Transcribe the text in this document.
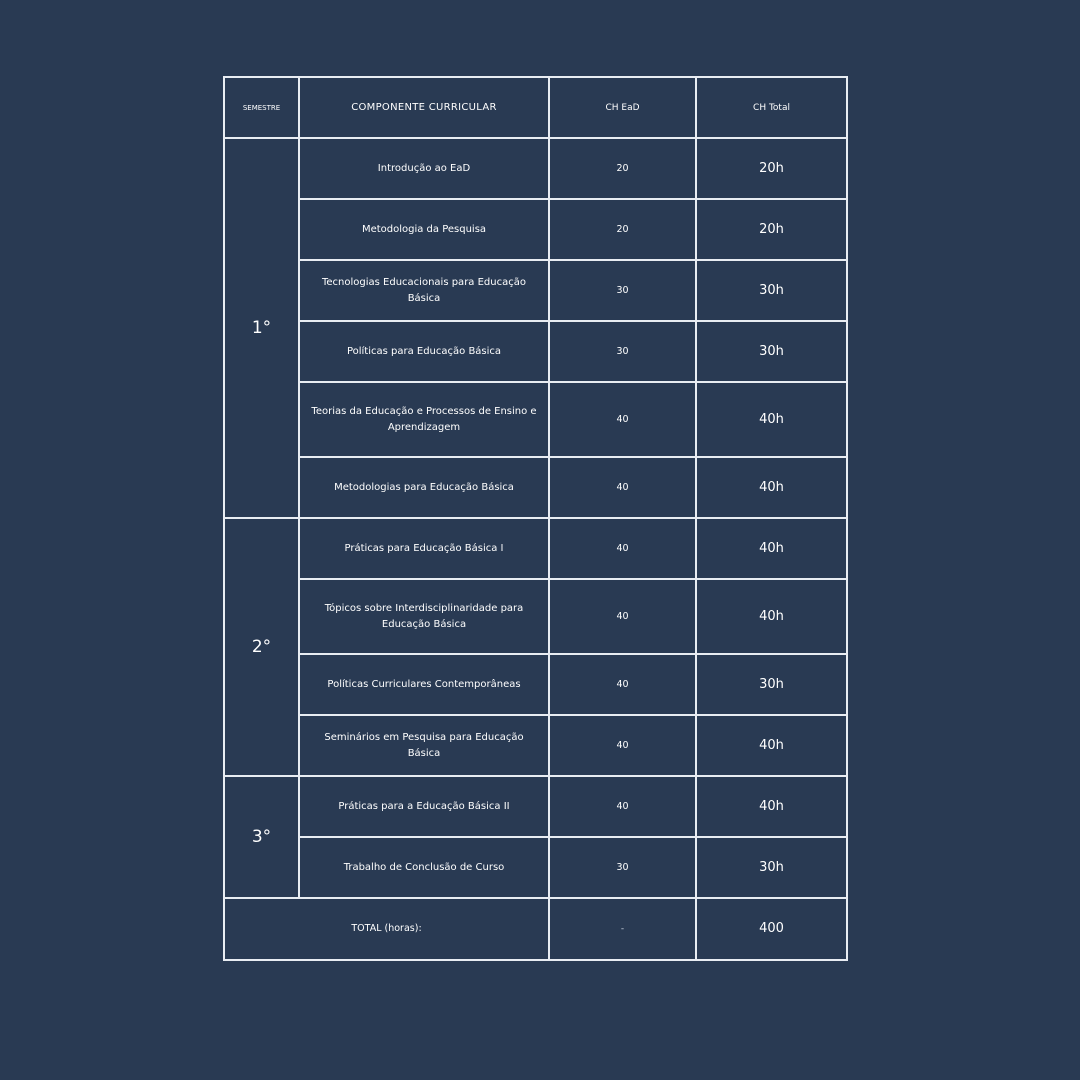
SEMESTRE	COMPONENTE CURRICULAR	CH EaD	CH Total
1°	Introdução ao EaD	20	20h
	Metodologia da Pesquisa	20	20h
	Tecnologias Educacionais para Educação Básica	30	30h
	Políticas para Educação Básica	30	30h
	Teorias da Educação e Processos de Ensino e Aprendizagem	40	40h
	Metodologias para Educação Básica	40	40h
2°	Práticas para Educação Básica I	40	40h
	Tópicos sobre Interdisciplinaridade para Educação Básica	40	40h
	Políticas Curriculares Contemporâneas	40	30h
	Seminários em Pesquisa para Educação Básica	40	40h
3°	Práticas para a Educação Básica II	40	40h
	Trabalho de Conclusão de Curso	30	30h
TOTAL (horas):		-	400
